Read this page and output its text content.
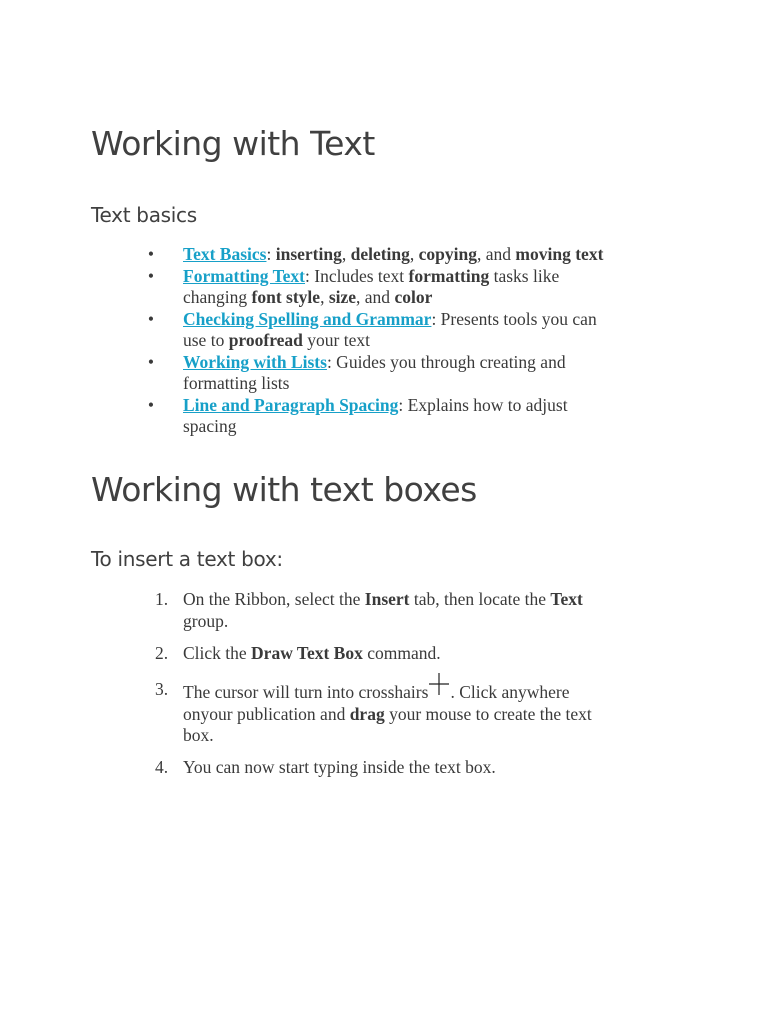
Working with Text
Text basics
• Text Basics: inserting, deleting, copying, and moving text
• Formatting Text: Includes text formatting tasks like changing font style, size, and color
• Checking Spelling and Grammar: Presents tools you can use to proofread your text
• Working with Lists: Guides you through creating and formatting lists
• Line and Paragraph Spacing: Explains how to adjust spacing
Working with text boxes
To insert a text box:
1. On the Ribbon, select the Insert tab, then locate the Text group.
2. Click the Draw Text Box command.
3. The cursor will turn into crosshairs . Click anywhere onyour publication and drag your mouse to create the text box.
4. You can now start typing inside the text box.
